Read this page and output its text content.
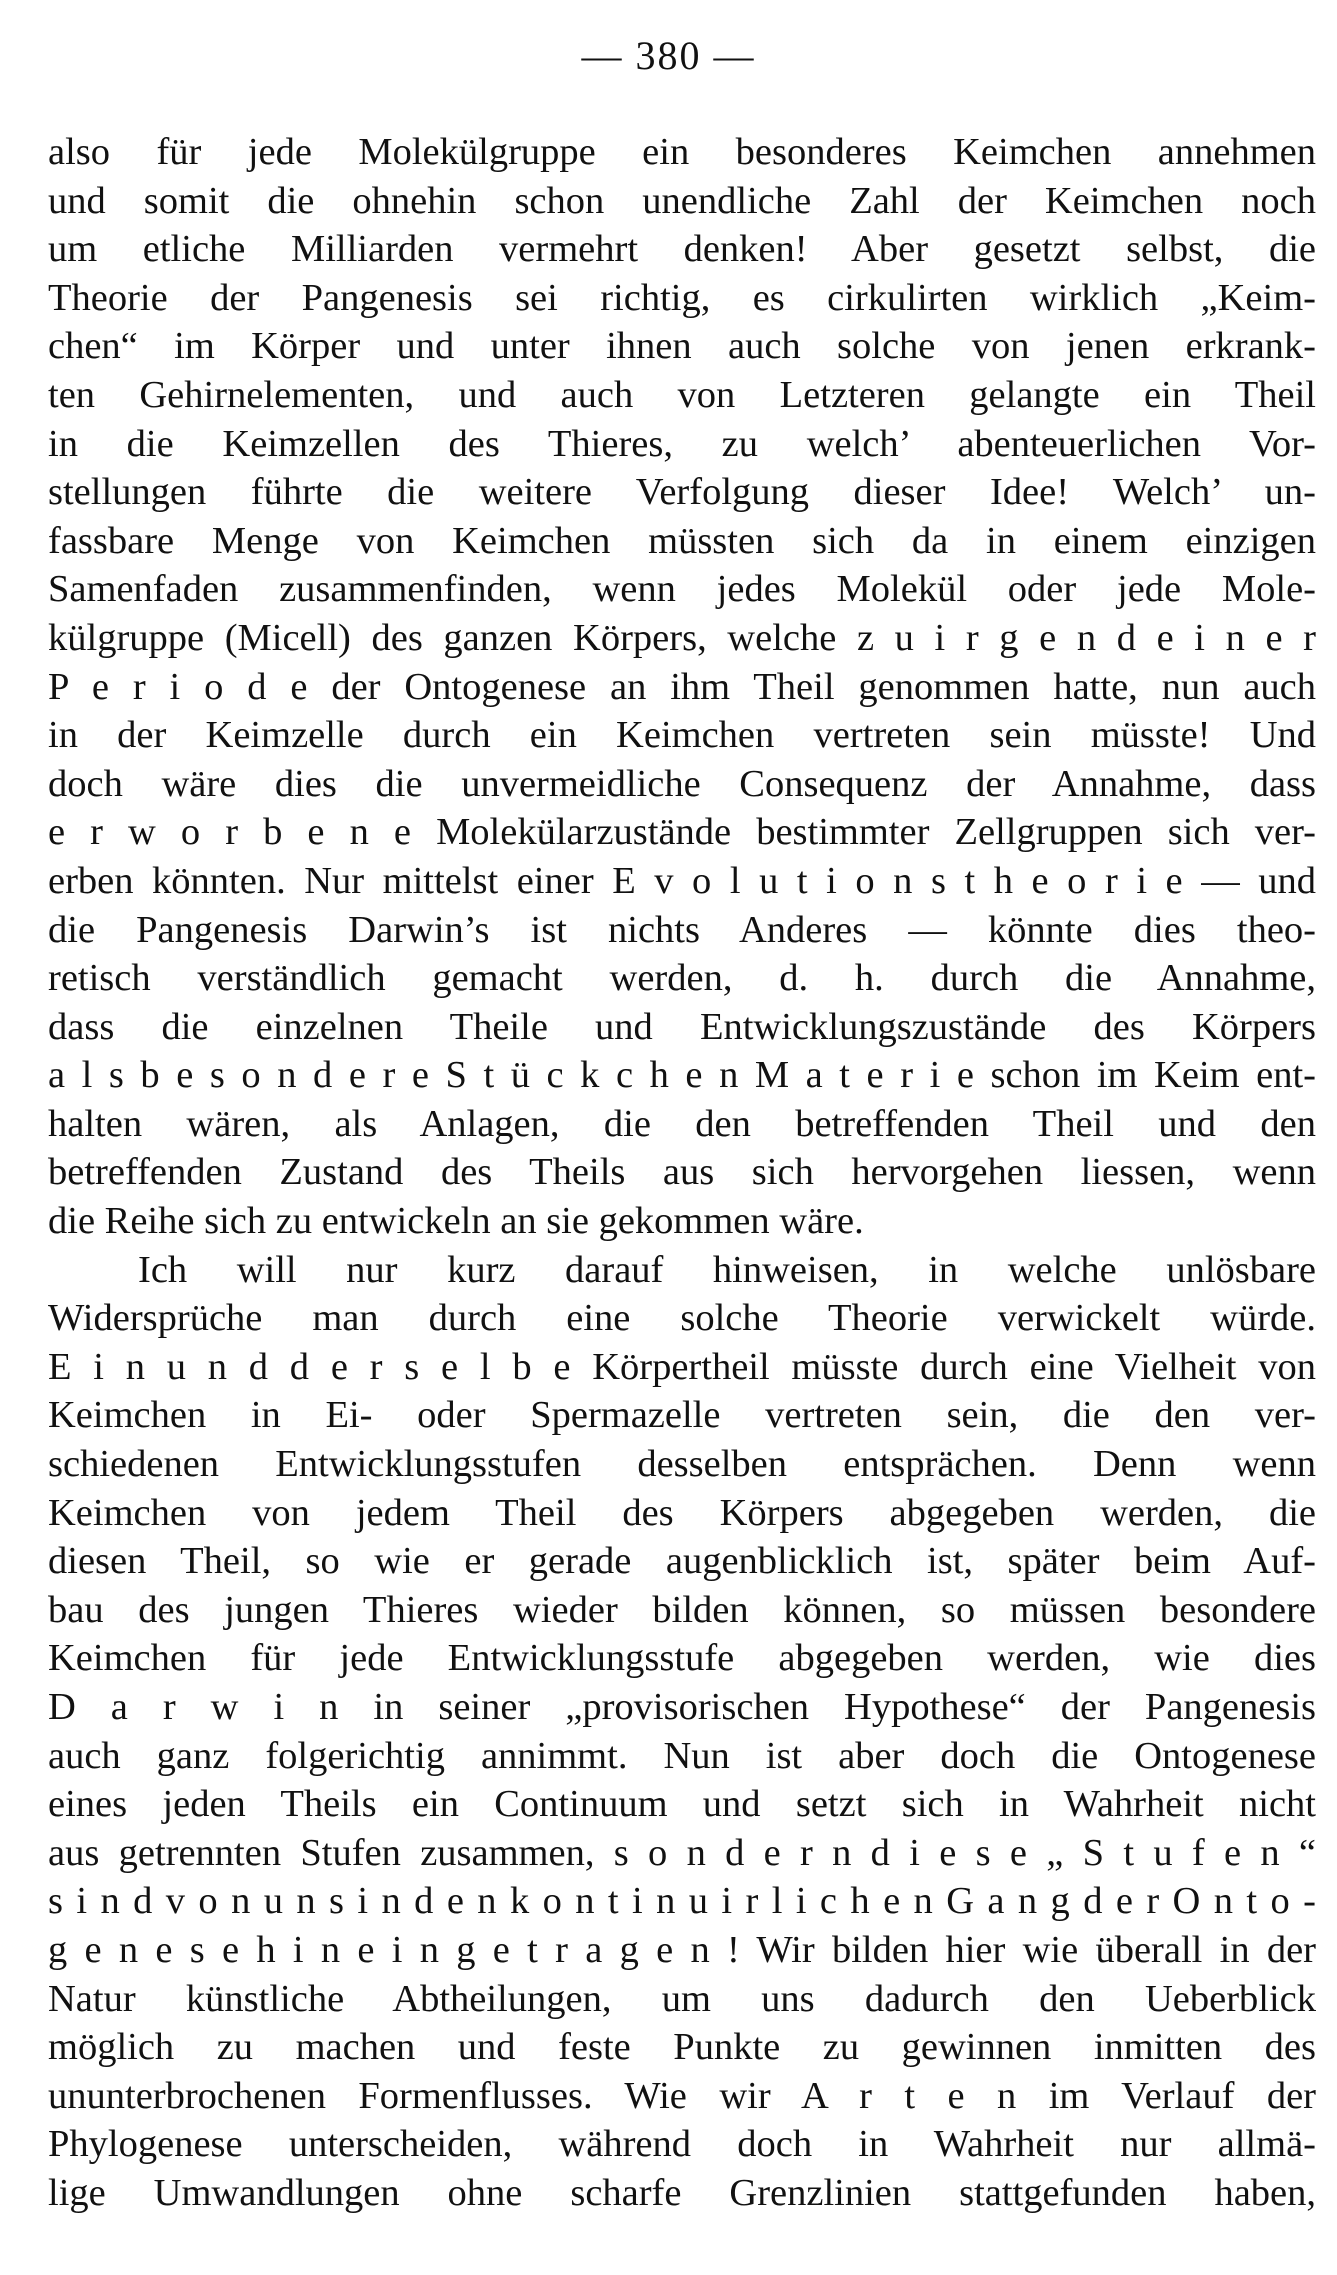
— 380 —
also für jede Molekülgruppe ein besonderes Keimchen annehmen
und somit die ohnehin schon unendliche Zahl der Keimchen noch
um etliche Milliarden vermehrt denken! Aber gesetzt selbst, die
Theorie der Pangenesis sei richtig, es cirkulirten wirklich „Keim-
chen“ im Körper und unter ihnen auch solche von jenen erkrank-
ten Gehirnelementen, und auch von Letzteren gelangte ein Theil
in die Keimzellen des Thieres, zu welch’ abenteuerlichen Vor-
stellungen führte die weitere Verfolgung dieser Idee! Welch’ un-
fassbare Menge von Keimchen müssten sich da in einem einzigen
Samenfaden zusammenfinden, wenn jedes Molekül oder jede Mole-
külgruppe (Micell) des ganzen Körpers, welche z u i r g e n d e i n e r
P e r i o d e der Ontogenese an ihm Theil genommen hatte, nun auch
in der Keimzelle durch ein Keimchen vertreten sein müsste! Und
doch wäre dies die unvermeidliche Consequenz der Annahme, dass
e r w o r b e n e Molekülarzustände bestimmter Zellgruppen sich ver-
erben könnten. Nur mittelst einer E v o l u t i o n s t h e o r i e — und
die Pangenesis Darwin’s ist nichts Anderes — könnte dies theo-
retisch verständlich gemacht werden, d. h. durch die Annahme,
dass die einzelnen Theile und Entwicklungszustände des Körpers
a l s b e s o n d e r e S t ü c k c h e n M a t e r i e schon im Keim ent-
halten wären, als Anlagen, die den betreffenden Theil und den
betreffenden Zustand des Theils aus sich hervorgehen liessen, wenn
die Reihe sich zu entwickeln an sie gekommen wäre.
Ich will nur kurz darauf hinweisen, in welche unlösbare
Widersprüche man durch eine solche Theorie verwickelt würde.
E i n u n d d e r s e l b e Körpertheil müsste durch eine Vielheit von
Keimchen in Ei- oder Spermazelle vertreten sein, die den ver-
schiedenen Entwicklungsstufen desselben entsprächen. Denn wenn
Keimchen von jedem Theil des Körpers abgegeben werden, die
diesen Theil, so wie er gerade augenblicklich ist, später beim Auf-
bau des jungen Thieres wieder bilden können, so müssen besondere
Keimchen für jede Entwicklungsstufe abgegeben werden, wie dies
D a r w i n in seiner „provisorischen Hypothese“ der Pangenesis
auch ganz folgerichtig annimmt. Nun ist aber doch die Ontogenese
eines jeden Theils ein Continuum und setzt sich in Wahrheit nicht
aus getrennten Stufen zusammen, s o n d e r n d i e s e „ S t u f e n “
s i n d v o n u n s i n d e n k o n t i n u i r l i c h e n G a n g d e r O n t o -
g e n e s e h i n e i n g e t r a g e n ! Wir bilden hier wie überall in der
Natur künstliche Abtheilungen, um uns dadurch den Ueberblick
möglich zu machen und feste Punkte zu gewinnen inmitten des
ununterbrochenen Formenflusses. Wie wir A r t e n im Verlauf der
Phylogenese unterscheiden, während doch in Wahrheit nur allmä-
lige Umwandlungen ohne scharfe Grenzlinien stattgefunden haben,
